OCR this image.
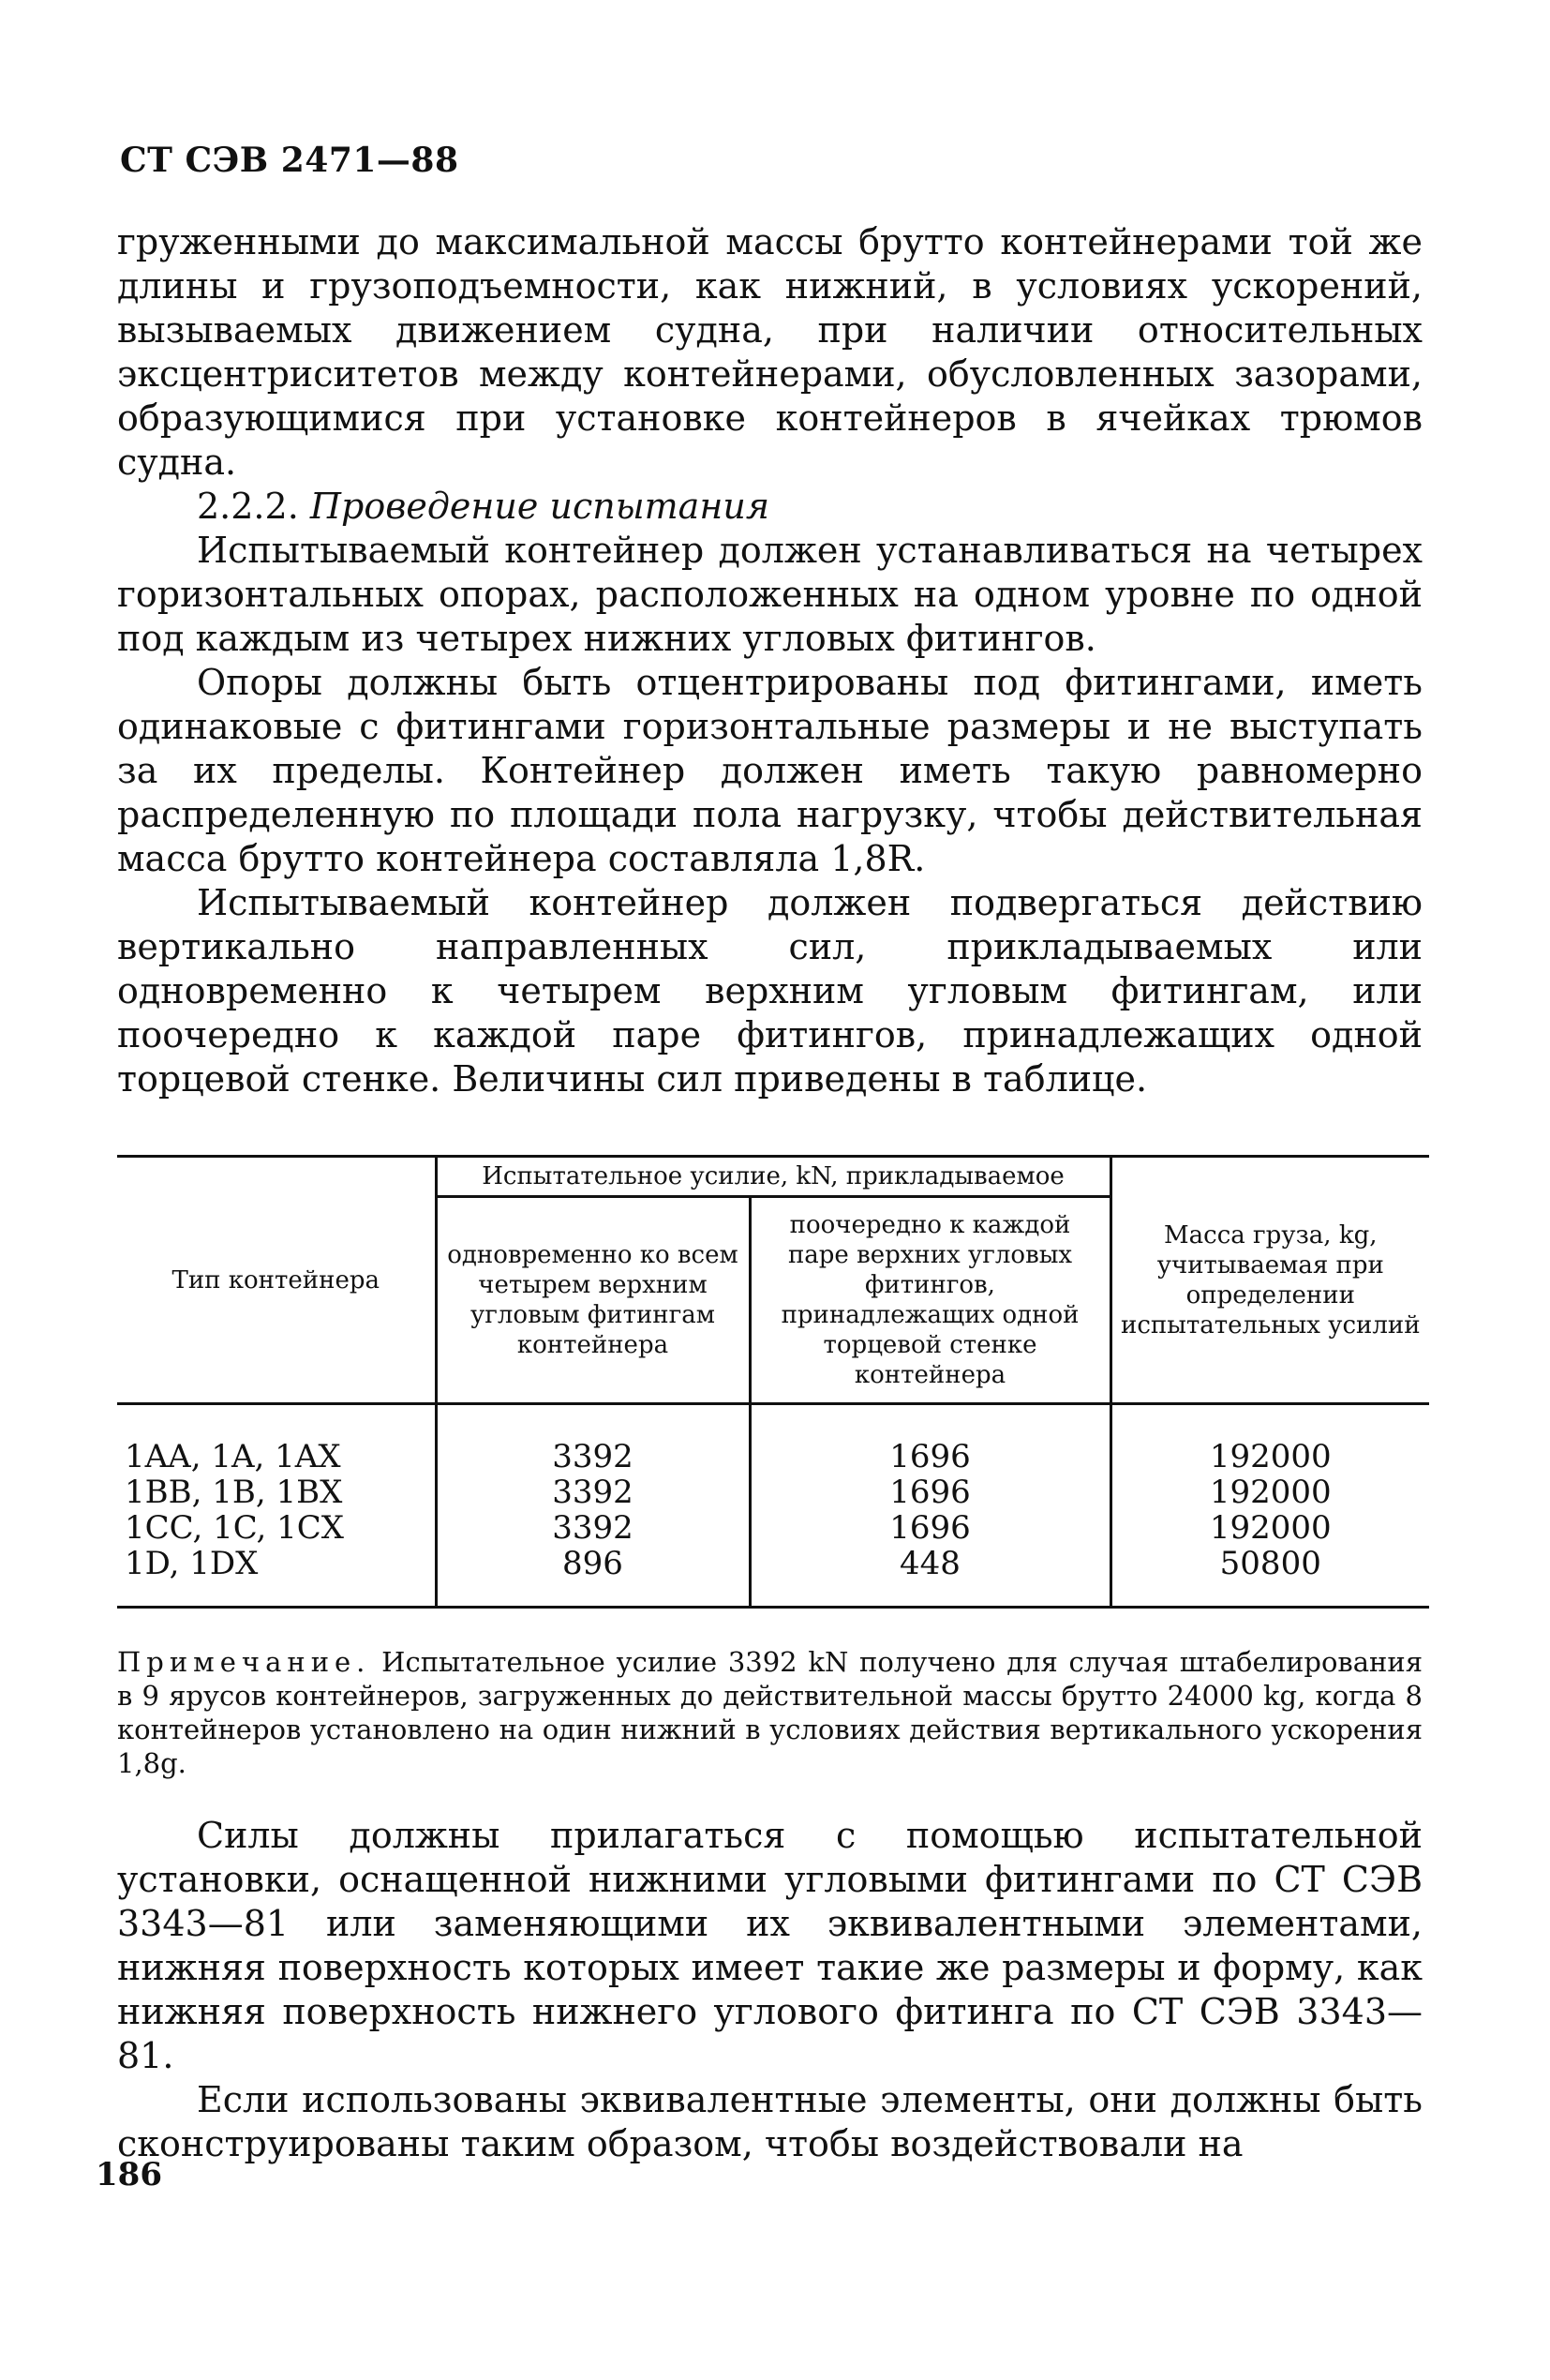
СТ СЭВ 2471—88

груженными до максимальной массы брутто контейнерами той же длины и грузоподъемности, как нижний, в условиях ускорений, вызываемых движением судна, при наличии относительных эксцентриситетов между контейнерами, обусловленных зазорами, образующимися при установке контейнеров в ячейках трюмов судна.

2.2.2. Проведение испытания

Испытываемый контейнер должен устанавливаться на четырех горизонтальных опорах, расположенных на одном уровне по одной под каждым из четырех нижних угловых фитингов.

Опоры должны быть отцентрированы под фитингами, иметь одинаковые с фитингами горизонтальные размеры и не выступать за их пределы. Контейнер должен иметь такую равномерно распределенную по площади пола нагрузку, чтобы действительная масса брутто контейнера составляла 1,8R.

Испытываемый контейнер должен подвергаться действию вертикально направленных сил, прикладываемых или одновременно к четырем верхним угловым фитингам, или поочередно к каждой паре фитингов, принадлежащих одной торцевой стенке. Величины сил приведены в таблице.

Тип контейнера	Испытательное усилие, kN, прикладываемое		Масса груза, kg, учитываемая при определении испытательных усилий
	одновременно ко всем четырем верхним угловым фитингам контейнера	поочередно к каждой паре верхних угловых фитингов, принадлежащих одной торцевой стенке контейнера	
1AA, 1A, 1AX	3392	1696	192000
1BB, 1B, 1BX	3392	1696	192000
1CC, 1C, 1CX	3392	1696	192000
1D, 1DX	896	448	50800

Примечание. Испытательное усилие 3392 kN получено для случая штабелирования в 9 ярусов контейнеров, загруженных до действительной массы брутто 24000 kg, когда 8 контейнеров установлено на один нижний в условиях действия вертикального ускорения 1,8g.

Силы должны прилагаться с помощью испытательной установки, оснащенной нижними угловыми фитингами по СТ СЭВ 3343—81 или заменяющими их эквивалентными элементами, нижняя поверхность которых имеет такие же размеры и форму, как нижняя поверхность нижнего углового фитинга по СТ СЭВ 3343—81.

Если использованы эквивалентные элементы, они должны быть сконструированы таким образом, чтобы воздействовали на

186
